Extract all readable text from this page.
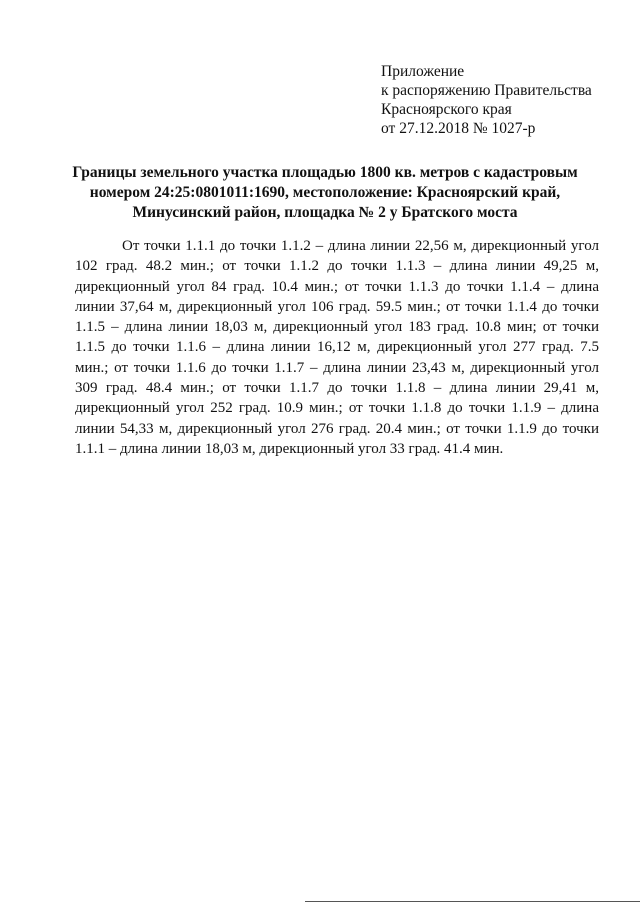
Приложение
к распоряжению Правительства
Красноярского края
от 27.12.2018 № 1027-р
Границы земельного участка площадью 1800 кв. метров с кадастровым
номером 24:25:0801011:1690, местоположение: Красноярский край,
Минусинский район, площадка № 2 у Братского моста

От точки 1.1.1 до точки 1.1.2 – длина линии 22,56 м, дирекционный угол 102 град. 48.2 мин.; от точки 1.1.2 до точки 1.1.3 – длина линии 49,25 м, дирекционный угол 84 град. 10.4 мин.; от точки 1.1.3 до точки 1.1.4 – длина линии 37,64 м, дирекционный угол 106 град. 59.5 мин.; от точки 1.1.4 до точки 1.1.5 – длина линии 18,03 м, дирекционный угол 183 град. 10.8 мин; от точки 1.1.5 до точки 1.1.6 – длина линии 16,12 м, дирекционный угол 277 град. 7.5 мин.; от точки 1.1.6 до точки 1.1.7 – длина линии 23,43 м, дирекционный угол 309 град. 48.4 мин.; от точки 1.1.7 до точки 1.1.8 – длина линии 29,41 м, дирекционный угол 252 град. 10.9 мин.; от точки 1.1.8 до точки 1.1.9 – длина линии 54,33 м, дирекционный угол 276 град. 20.4 мин.; от точки 1.1.9 до точки 1.1.1 – длина линии 18,03 м, дирекционный угол 33 град. 41.4 мин.
